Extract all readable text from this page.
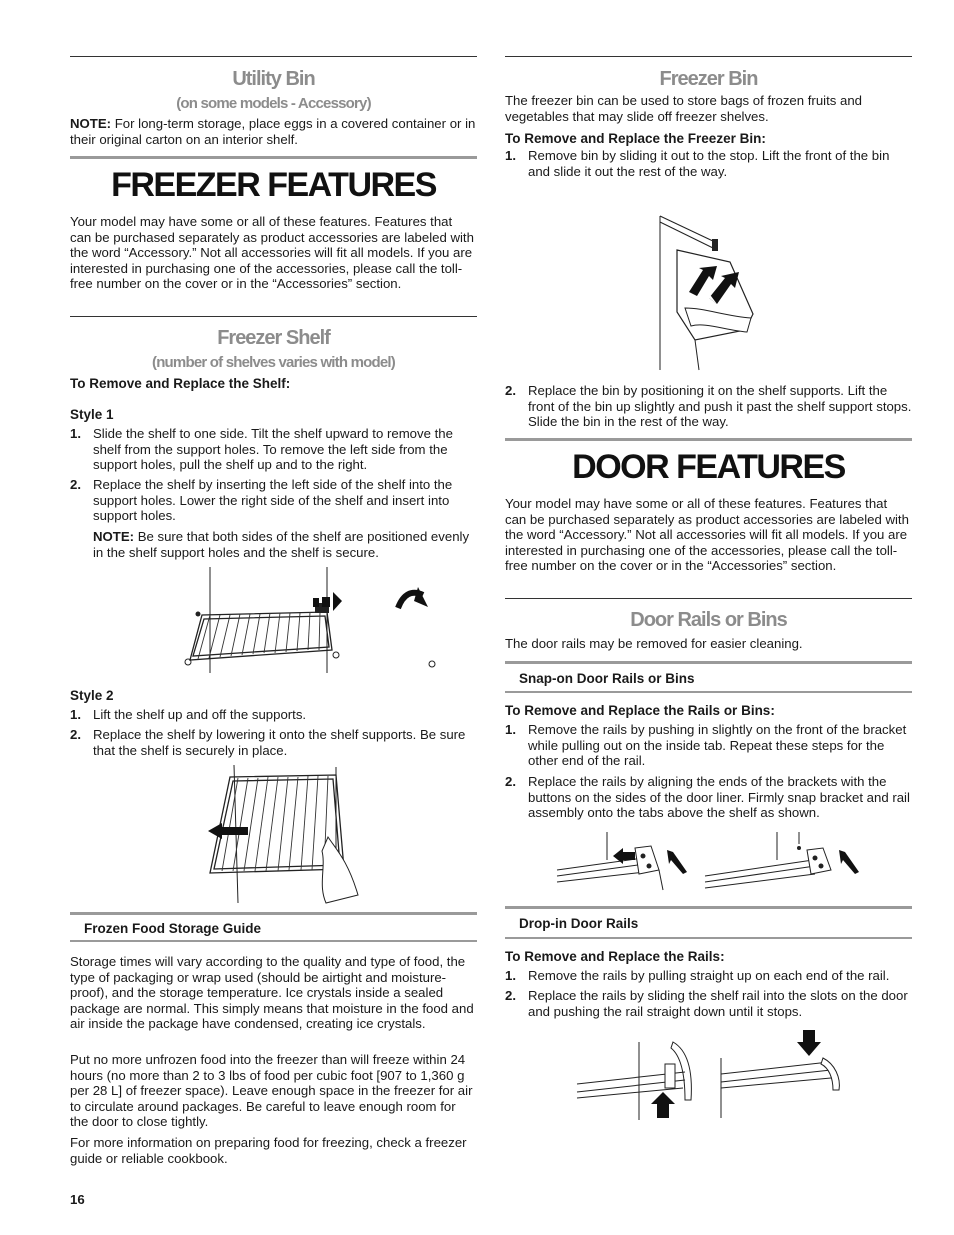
Utility Bin
(on some models - Accessory)
NOTE: For long-term storage, place eggs in a covered container or in their original carton on an interior shelf.
FREEZER FEATURES
Your model may have some or all of these features. Features that can be purchased separately as product accessories are labeled with the word “Accessory.” Not all accessories will fit all models. If you are interested in purchasing one of the accessories, please call the toll-free number on the cover or in the “Accessories” section.
Freezer Shelf
(number of shelves varies with model)
To Remove and Replace the Shelf:
Style 1
1. Slide the shelf to one side. Tilt the shelf upward to remove the shelf from the support holes. To remove the left side from the support holes, pull the shelf up and to the right.
2. Replace the shelf by inserting the left side of the shelf into the support holes. Lower the right side of the shelf and insert into support holes.
NOTE: Be sure that both sides of the shelf are positioned evenly in the shelf support holes and the shelf is secure.
Style 2
1. Lift the shelf up and off the supports.
2. Replace the shelf by lowering it onto the shelf supports. Be sure that the shelf is securely in place.
Frozen Food Storage Guide
Storage times will vary according to the quality and type of food, the type of packaging or wrap used (should be airtight and moisture-proof), and the storage temperature. Ice crystals inside a sealed package are normal. This simply means that moisture in the food and air inside the package have condensed, creating ice crystals.
Put no more unfrozen food into the freezer than will freeze within 24 hours (no more than 2 to 3 lbs of food per cubic foot [907 to 1,360 g per 28 L] of freezer space). Leave enough space in the freezer for air to circulate around packages. Be careful to leave enough room for the door to close tightly.
For more information on preparing food for freezing, check a freezer guide or reliable cookbook.
16
Freezer Bin
The freezer bin can be used to store bags of frozen fruits and vegetables that may slide off freezer shelves.
To Remove and Replace the Freezer Bin:
1. Remove bin by sliding it out to the stop. Lift the front of the bin and slide it out the rest of the way.
2. Replace the bin by positioning it on the shelf supports. Lift the front of the bin up slightly and push it past the shelf support stops. Slide the bin in the rest of the way.
DOOR FEATURES
Your model may have some or all of these features. Features that can be purchased separately as product accessories are labeled with the word “Accessory.” Not all accessories will fit all models. If you are interested in purchasing one of the accessories, please call the toll-free number on the cover or in the “Accessories” section.
Door Rails or Bins
The door rails may be removed for easier cleaning.
Snap-on Door Rails or Bins
To Remove and Replace the Rails or Bins:
1. Remove the rails by pushing in slightly on the front of the bracket while pulling out on the inside tab. Repeat these steps for the other end of the rail.
2. Replace the rails by aligning the ends of the brackets with the buttons on the sides of the door liner. Firmly snap bracket and rail assembly onto the tabs above the shelf as shown.
Drop-in Door Rails
To Remove and Replace the Rails:
1. Remove the rails by pulling straight up on each end of the rail.
2. Replace the rails by sliding the shelf rail into the slots on the door and pushing the rail straight down until it stops.
